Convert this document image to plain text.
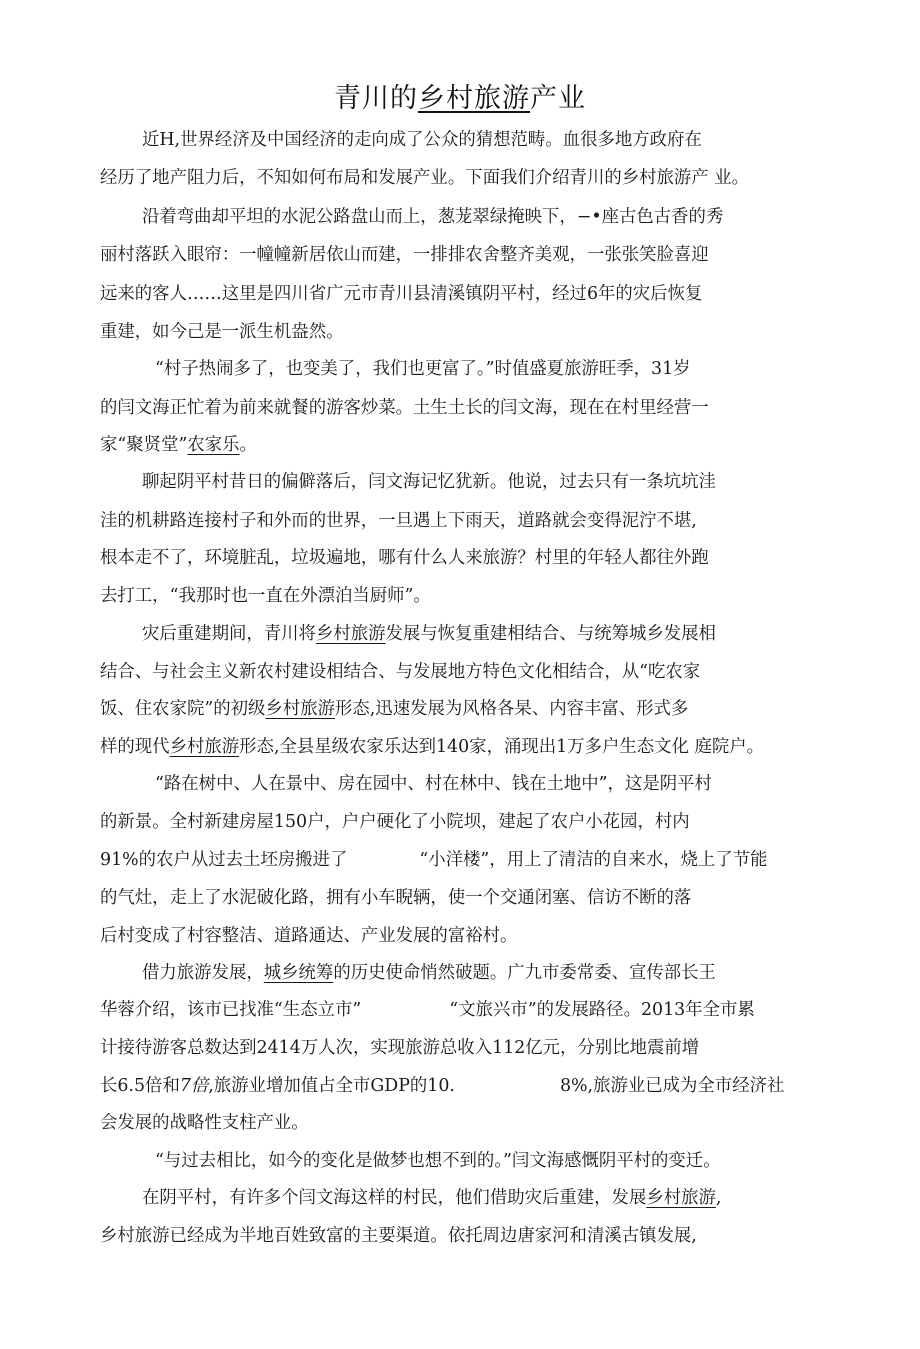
青川的乡村旅游产业
近H,世界经济及中国经济的走向成了公众的猜想范畴。血很多地方政府在
经历了地产阻力后，不知如何布局和发展产业。下面我们介绍青川的乡村旅游产 业。
沿着弯曲却平坦的水泥公路盘山而上，葱茏翠绿掩映下，−•座古色古香的秀
丽村落跃入眼帘：一幢幢新居依山而建，一排排农舍整齐美观，一张张笑脸喜迎
远来的客人……这里是四川省广元市青川县清溪镇阴平村，经过6年的灾后恢复
重建，如今己是一派生机盎然。
“村子热闹多了，也变美了，我们也更富了。”时值盛夏旅游旺季，31岁
的闫文海正忙着为前来就餐的游客炒菜。土生土长的闫文海，现在在村里经营一
家“聚贤堂”农家乐。
聊起阴平村昔日的偏僻落后，闫文海记忆犹新。他说，过去只有一条坑坑洼
洼的机耕路连接村子和外而的世界，一旦遇上下雨天，道路就会变得泥泞不堪,
根本走不了，环境脏乱，垃圾遍地，哪有什么人来旅游？村里的年轻人都往外跑
去打工，“我那时也一直在外漂泊当厨师”。
灾后重建期间，青川将乡村旅游发展与恢复重建相结合、与统筹城乡发展相
结合、与社会主义新农村建设相结合、与发展地方特色文化相结合，从“吃农家
饭、住农家院”的初级乡村旅游形态,迅速发展为风格各杲、内容丰富、形式多
样的现代乡村旅游形态,全县星级农家乐达到140家，涌现出1万多户生态文化 庭院户。
“路在树中、人在景中、房在园中、村在林中、钱在土地中”，这是阴平村
的新景。全村新建房屋150户，户户硬化了小院坝，建起了农户小花园，村内
91%的农户从过去土坯房搬进了	“小洋楼”，用上了清洁的自来水，烧上了节能
的气灶，走上了水泥破化路，拥有小车睨辆，使一个交通闭塞、信访不断的落
后村变成了村容整洁、道路通达、产业发展的富裕村。
借力旅游发展，城乡统筹的历史使命悄然破题。广九市委常委、宣传部长王
华蓉介绍，该市已找准“生态立市”	“文旅兴市”的发展路径。2013年全市累
计接待游客总数达到2414万人次，实现旅游总收入112亿元，分别比地震前增
长6.5倍和7倍,旅游业增加值占全市GDP的10.	8%,旅游业已成为全市经济社
会发展的战略性支柱产业。
“与过去相比，如今的变化是做梦也想不到的。”闫文海感慨阴平村的变迁。
在阴平村，有许多个闫文海这样的村民，他们借助灾后重建，发展乡村旅游,
乡村旅游已经成为半地百姓致富的主要渠道。依托周边唐家河和清溪古镇发展,
